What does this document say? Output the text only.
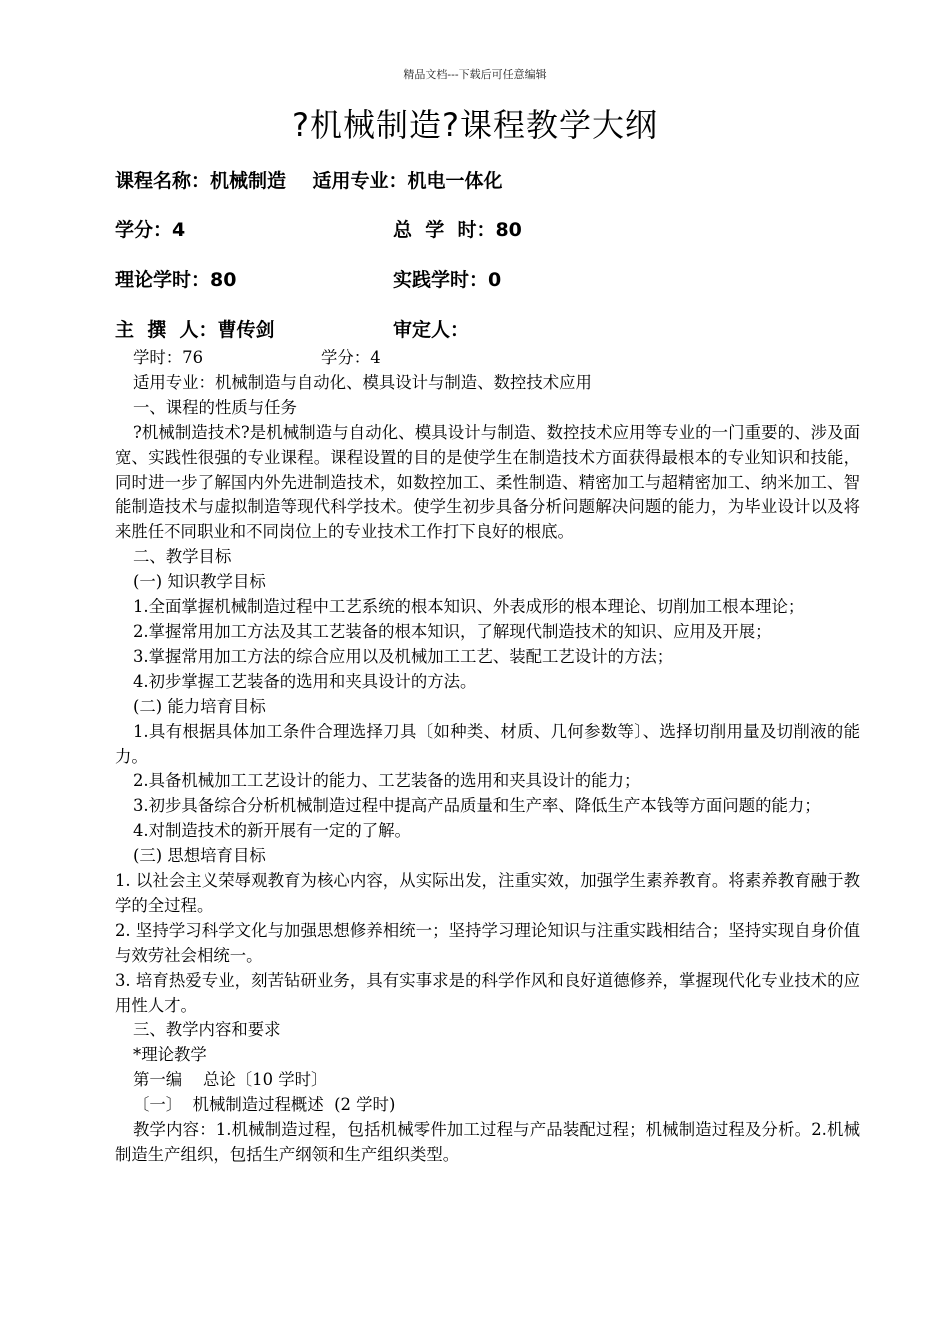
精品文档---下载后可任意编辑
?机械制造?课程教学大纲
课程名称：机械制造    适用专业：机电一体化
学分：4	总  学  时：80
理论学时：80	实践学时：0
主  撰  人：曹传剑	审定人：

学时：76	学分：4

适用专业：机械制造与自动化、模具设计与制造、数控技术应用

一、课程的性质与任务

?机械制造技术?是机械制造与自动化、模具设计与制造、数控技术应用等专业的一门重要的、涉及面宽、实践性很强的专业课程。课程设置的目的是使学生在制造技术方面获得最根本的专业知识和技能，同时进一步了解国内外先进制造技术，如数控加工、柔性制造、精密加工与超精密加工、纳米加工、智能制造技术与虚拟制造等现代科学技术。使学生初步具备分析问题解决问题的能力，为毕业设计以及将来胜任不同职业和不同岗位上的专业技术工作打下良好的根底。

二、教学目标

(一) 知识教学目标

1.全面掌握机械制造过程中工艺系统的根本知识、外表成形的根本理论、切削加工根本理论；

2.掌握常用加工方法及其工艺装备的根本知识，了解现代制造技术的知识、应用及开展；

3.掌握常用加工方法的综合应用以及机械加工工艺、装配工艺设计的方法；

4.初步掌握工艺装备的选用和夹具设计的方法。

(二) 能力培育目标

1.具有根据具体加工条件合理选择刀具〔如种类、材质、几何参数等〕、选择切削用量及切削液的能力。

2.具备机械加工工艺设计的能力、工艺装备的选用和夹具设计的能力；

3.初步具备综合分析机械制造过程中提高产品质量和生产率、降低生产本钱等方面问题的能力；

4.对制造技术的新开展有一定的了解。

(三) 思想培育目标

1. 以社会主义荣辱观教育为核心内容，从实际出发，注重实效，加强学生素养教育。将素养教育融于教学的全过程。

2. 坚持学习科学文化与加强思想修养相统一；坚持学习理论知识与注重实践相结合；坚持实现自身价值与效劳社会相统一。

3. 培育热爱专业，刻苦钻研业务，具有实事求是的科学作风和良好道德修养，掌握现代化专业技术的应用性人才。

三、教学内容和要求

*理论教学

第一编    总论〔10 学时〕

〔一〕  机械制造过程概述  (2 学时)

教学内容：1.机械制造过程，包括机械零件加工过程与产品装配过程；机械制造过程及分析。2.机械制造生产组织，包括生产纲领和生产组织类型。
